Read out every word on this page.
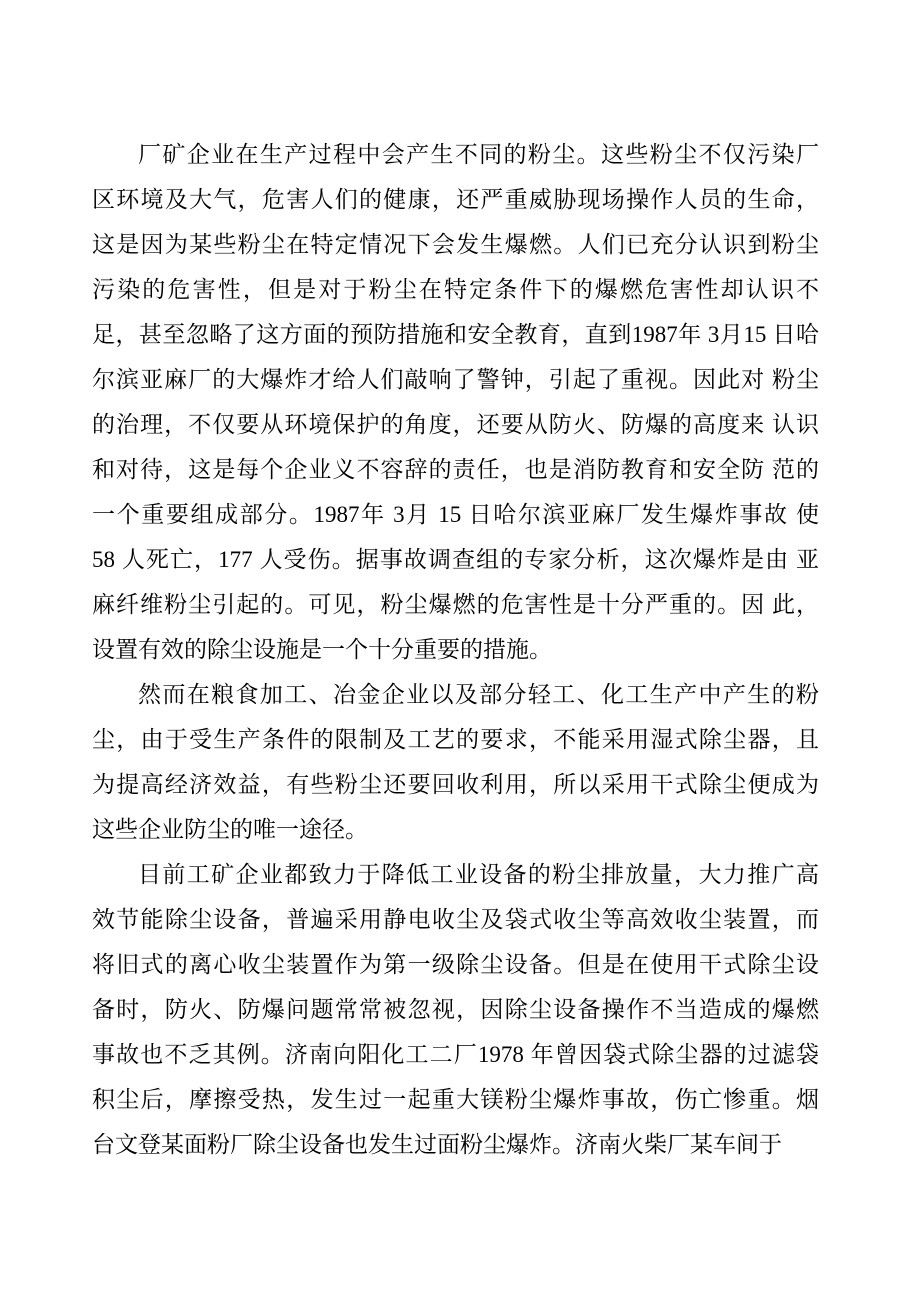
厂矿企业在生产过程中会产生不同的粉尘。这些粉尘不仅污染厂
区环境及大气，危害人们的健康，还严重威胁现场操作人员的生命，
这是因为某些粉尘在特定情况下会发生爆燃。人们已充分认识到粉尘
污染的危害性，但是对于粉尘在特定条件下的爆燃危害性却认识不
足，甚至忽略了这方面的预防措施和安全教育，直到1987年 3月15 日哈
尔滨亚麻厂的大爆炸才给人们敲响了警钟，引起了重视。因此对 粉尘
的治理，不仅要从环境保护的角度，还要从防火、防爆的高度来 认识
和对待，这是每个企业义不容辞的责任，也是消防教育和安全防 范的
一个重要组成部分。1987年 3月 15 日哈尔滨亚麻厂发生爆炸事故 使
58 人死亡，177 人受伤。据事故调查组的专家分析，这次爆炸是由 亚
麻纤维粉尘引起的。可见，粉尘爆燃的危害性是十分严重的。因 此，
设置有效的除尘设施是一个十分重要的措施。
然而在粮食加工、冶金企业以及部分轻工、化工生产中产生的粉
尘，由于受生产条件的限制及工艺的要求，不能采用湿式除尘器，且
为提高经济效益，有些粉尘还要回收利用，所以采用干式除尘便成为
这些企业防尘的唯一途径。
目前工矿企业都致力于降低工业设备的粉尘排放量，大力推广高
效节能除尘设备，普遍采用静电收尘及袋式收尘等高效收尘装置，而
将旧式的离心收尘装置作为第一级除尘设备。但是在使用干式除尘设
备时，防火、防爆问题常常被忽视，因除尘设备操作不当造成的爆燃
事故也不乏其例。济南向阳化工二厂1978 年曾因袋式除尘器的过滤袋
积尘后，摩擦受热，发生过一起重大镁粉尘爆炸事故，伤亡惨重。烟
台文登某面粉厂除尘设备也发生过面粉尘爆炸。济南火柴厂某车间于
